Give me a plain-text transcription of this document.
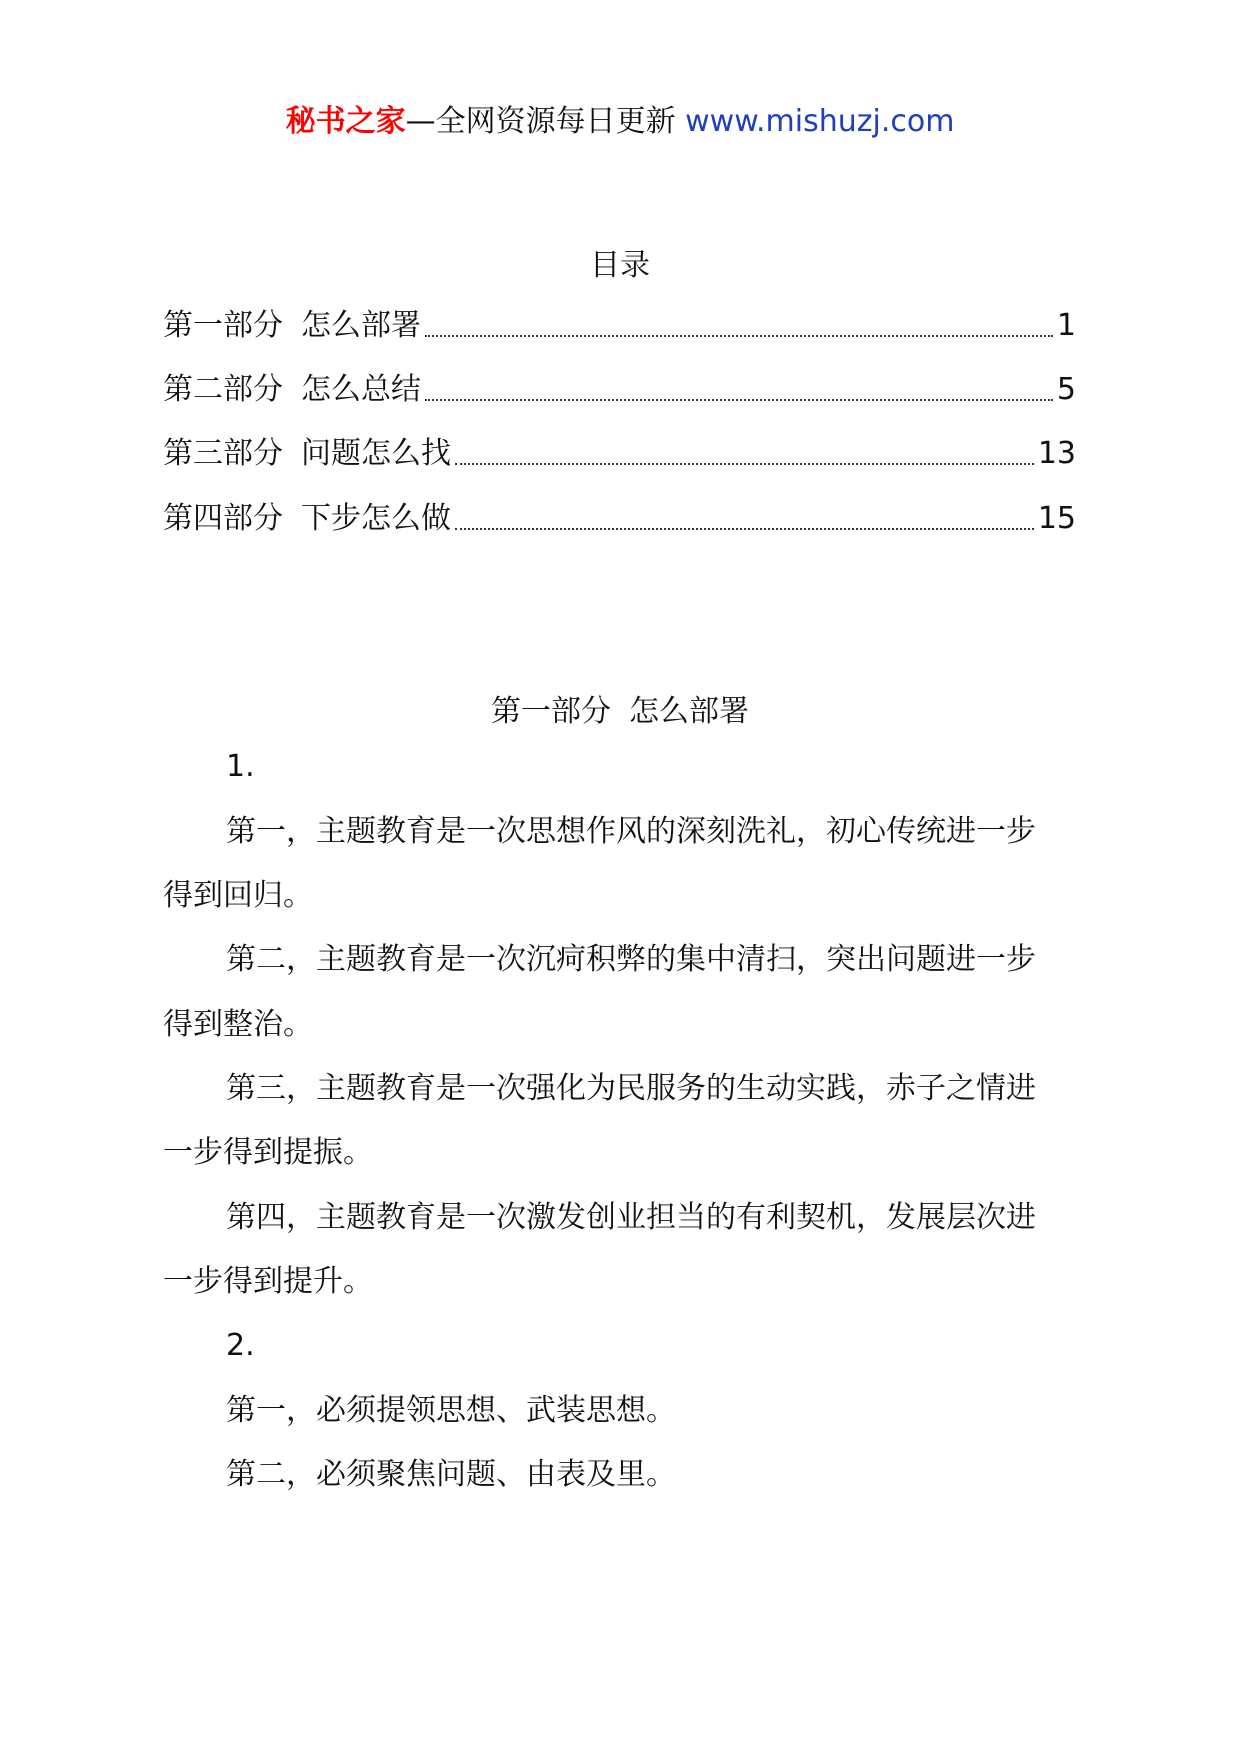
秘书之家—全网资源每日更新 www.mishuzj.com
目录
第一部分 怎么部署	1
第二部分 怎么总结	5
第三部分 问题怎么找	13
第四部分 下步怎么做	15
第一部分 怎么部署
1.
第一，主题教育是一次思想作风的深刻洗礼，初心传统进一步
得到回归。
第二，主题教育是一次沉疴积弊的集中清扫，突出问题进一步
得到整治。
第三，主题教育是一次强化为民服务的生动实践，赤子之情进
一步得到提振。
第四，主题教育是一次激发创业担当的有利契机，发展层次进
一步得到提升。
2.
第一，必须提领思想、武装思想。
第二，必须聚焦问题、由表及里。
